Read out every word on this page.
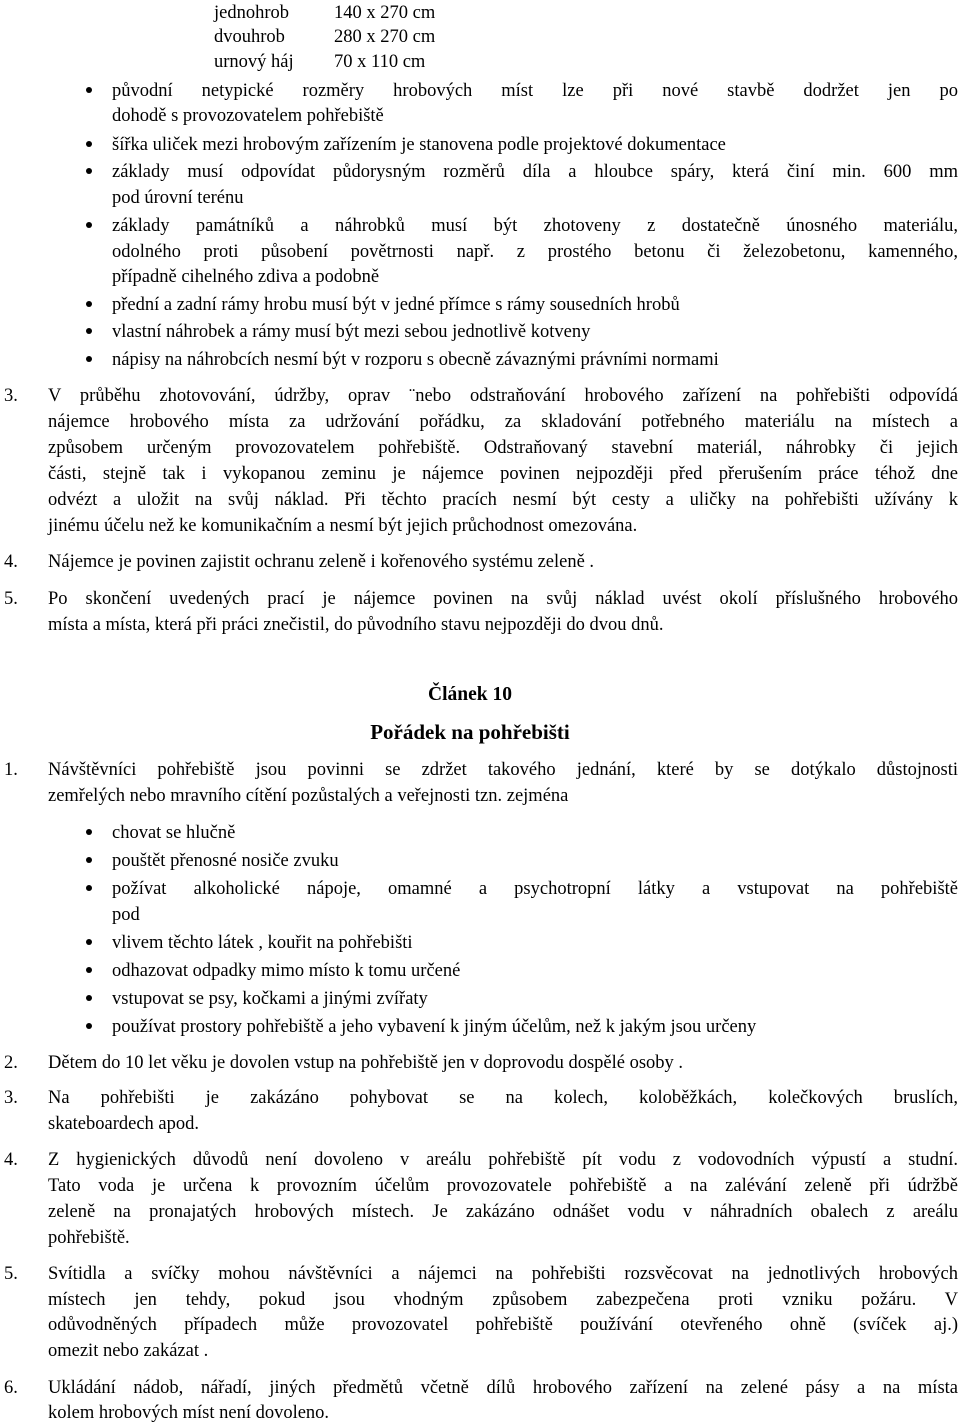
jednohrob 140 x 270 cm
dvouhrob	280 x 270 cm
urnový háj 70 x 110 cm
původní netypické rozměry hrobových míst lze při nové stavbě dodržet jen po
dohodě s provozovatelem pohřebiště
šířka uliček mezi hrobovým zařízením je stanovena podle projektové dokumentace
základy musí odpovídat půdorysným rozměrů díla a hloubce spáry, která činí min. 600 mm
pod úrovní terénu
základy památníků a náhrobků musí být zhotoveny z dostatečně únosného materiálu,
odolného proti působení povětrnosti např. z prostého betonu či železobetonu, kamenného,
případně cihelného zdiva a podobně
přední a zadní rámy hrobu musí být v jedné přímce s rámy sousedních hrobů
vlastní náhrobek a rámy musí být mezi sebou jednotlivě kotveny
nápisy na náhrobcích nesmí být v rozporu s obecně závaznými právními normami
3. V průběhu zhotovování, údržby, oprav ¨nebo odstraňování hrobového zařízení na pohřebišti odpovídá
nájemce hrobového místa za udržování pořádku, za skladování potřebného materiálu na místech a
způsobem určeným provozovatelem pohřebiště. Odstraňovaný stavební materiál, náhrobky či jejich
části, stejně tak i vykopanou zeminu je nájemce povinen nejpozději před přerušením práce téhož dne
odvézt a uložit na svůj náklad. Při těchto pracích nesmí být cesty a uličky na pohřebišti užívány k
jinému účelu než ke komunikačním a nesmí být jejich průchodnost omezována.
4. Nájemce je povinen zajistit ochranu zeleně i kořenového systému zeleně .
5. Po skončení uvedených prací je nájemce povinen na svůj náklad uvést okolí příslušného hrobového
místa a místa, která při práci znečistil, do původního stavu nejpozději do dvou dnů.
Článek 10
Pořádek na pohřebišti
1. Návštěvníci pohřebiště jsou povinni se zdržet takového jednání, které by se dotýkalo důstojnosti
zemřelých nebo mravního cítění pozůstalých a veřejnosti tzn. zejména
chovat se hlučně
pouštět přenosné nosiče zvuku
požívat alkoholické nápoje, omamné a psychotropní látky a vstupovat na pohřebiště
pod
vlivem těchto látek , kouřit na pohřebišti
odhazovat odpadky mimo místo k tomu určené
vstupovat se psy, kočkami a jinými zvířaty
používat prostory pohřebiště a jeho vybavení k jiným účelům, než k jakým jsou určeny
2. Dětem do 10 let věku je dovolen vstup na pohřebiště jen v doprovodu dospělé osoby .
3. Na pohřebišti je zakázáno pohybovat se na kolech, koloběžkách, kolečkových bruslích,
skateboardech apod.
4. Z hygienických důvodů není dovoleno v areálu pohřebiště pít vodu z vodovodních výpustí a studní.
Tato voda je určena k provozním účelům provozovatele pohřebiště a na zalévání zeleně při údržbě
zeleně na pronajatých hrobových místech. Je zakázáno odnášet vodu v náhradních obalech z areálu
pohřebiště.
5. Svítidla a svíčky mohou návštěvníci a nájemci na pohřebišti rozsvěcovat na jednotlivých hrobových
místech jen tehdy, pokud jsou vhodným způsobem zabezpečena proti vzniku požáru. V
odůvodněných případech může provozovatel pohřebiště používání otevřeného ohně (svíček aj.)
omezit nebo zakázat .
6. Ukládání nádob, nářadí, jiných předmětů včetně dílů hrobového zařízení na zelené pásy a na místa
kolem hrobových míst není dovoleno.
